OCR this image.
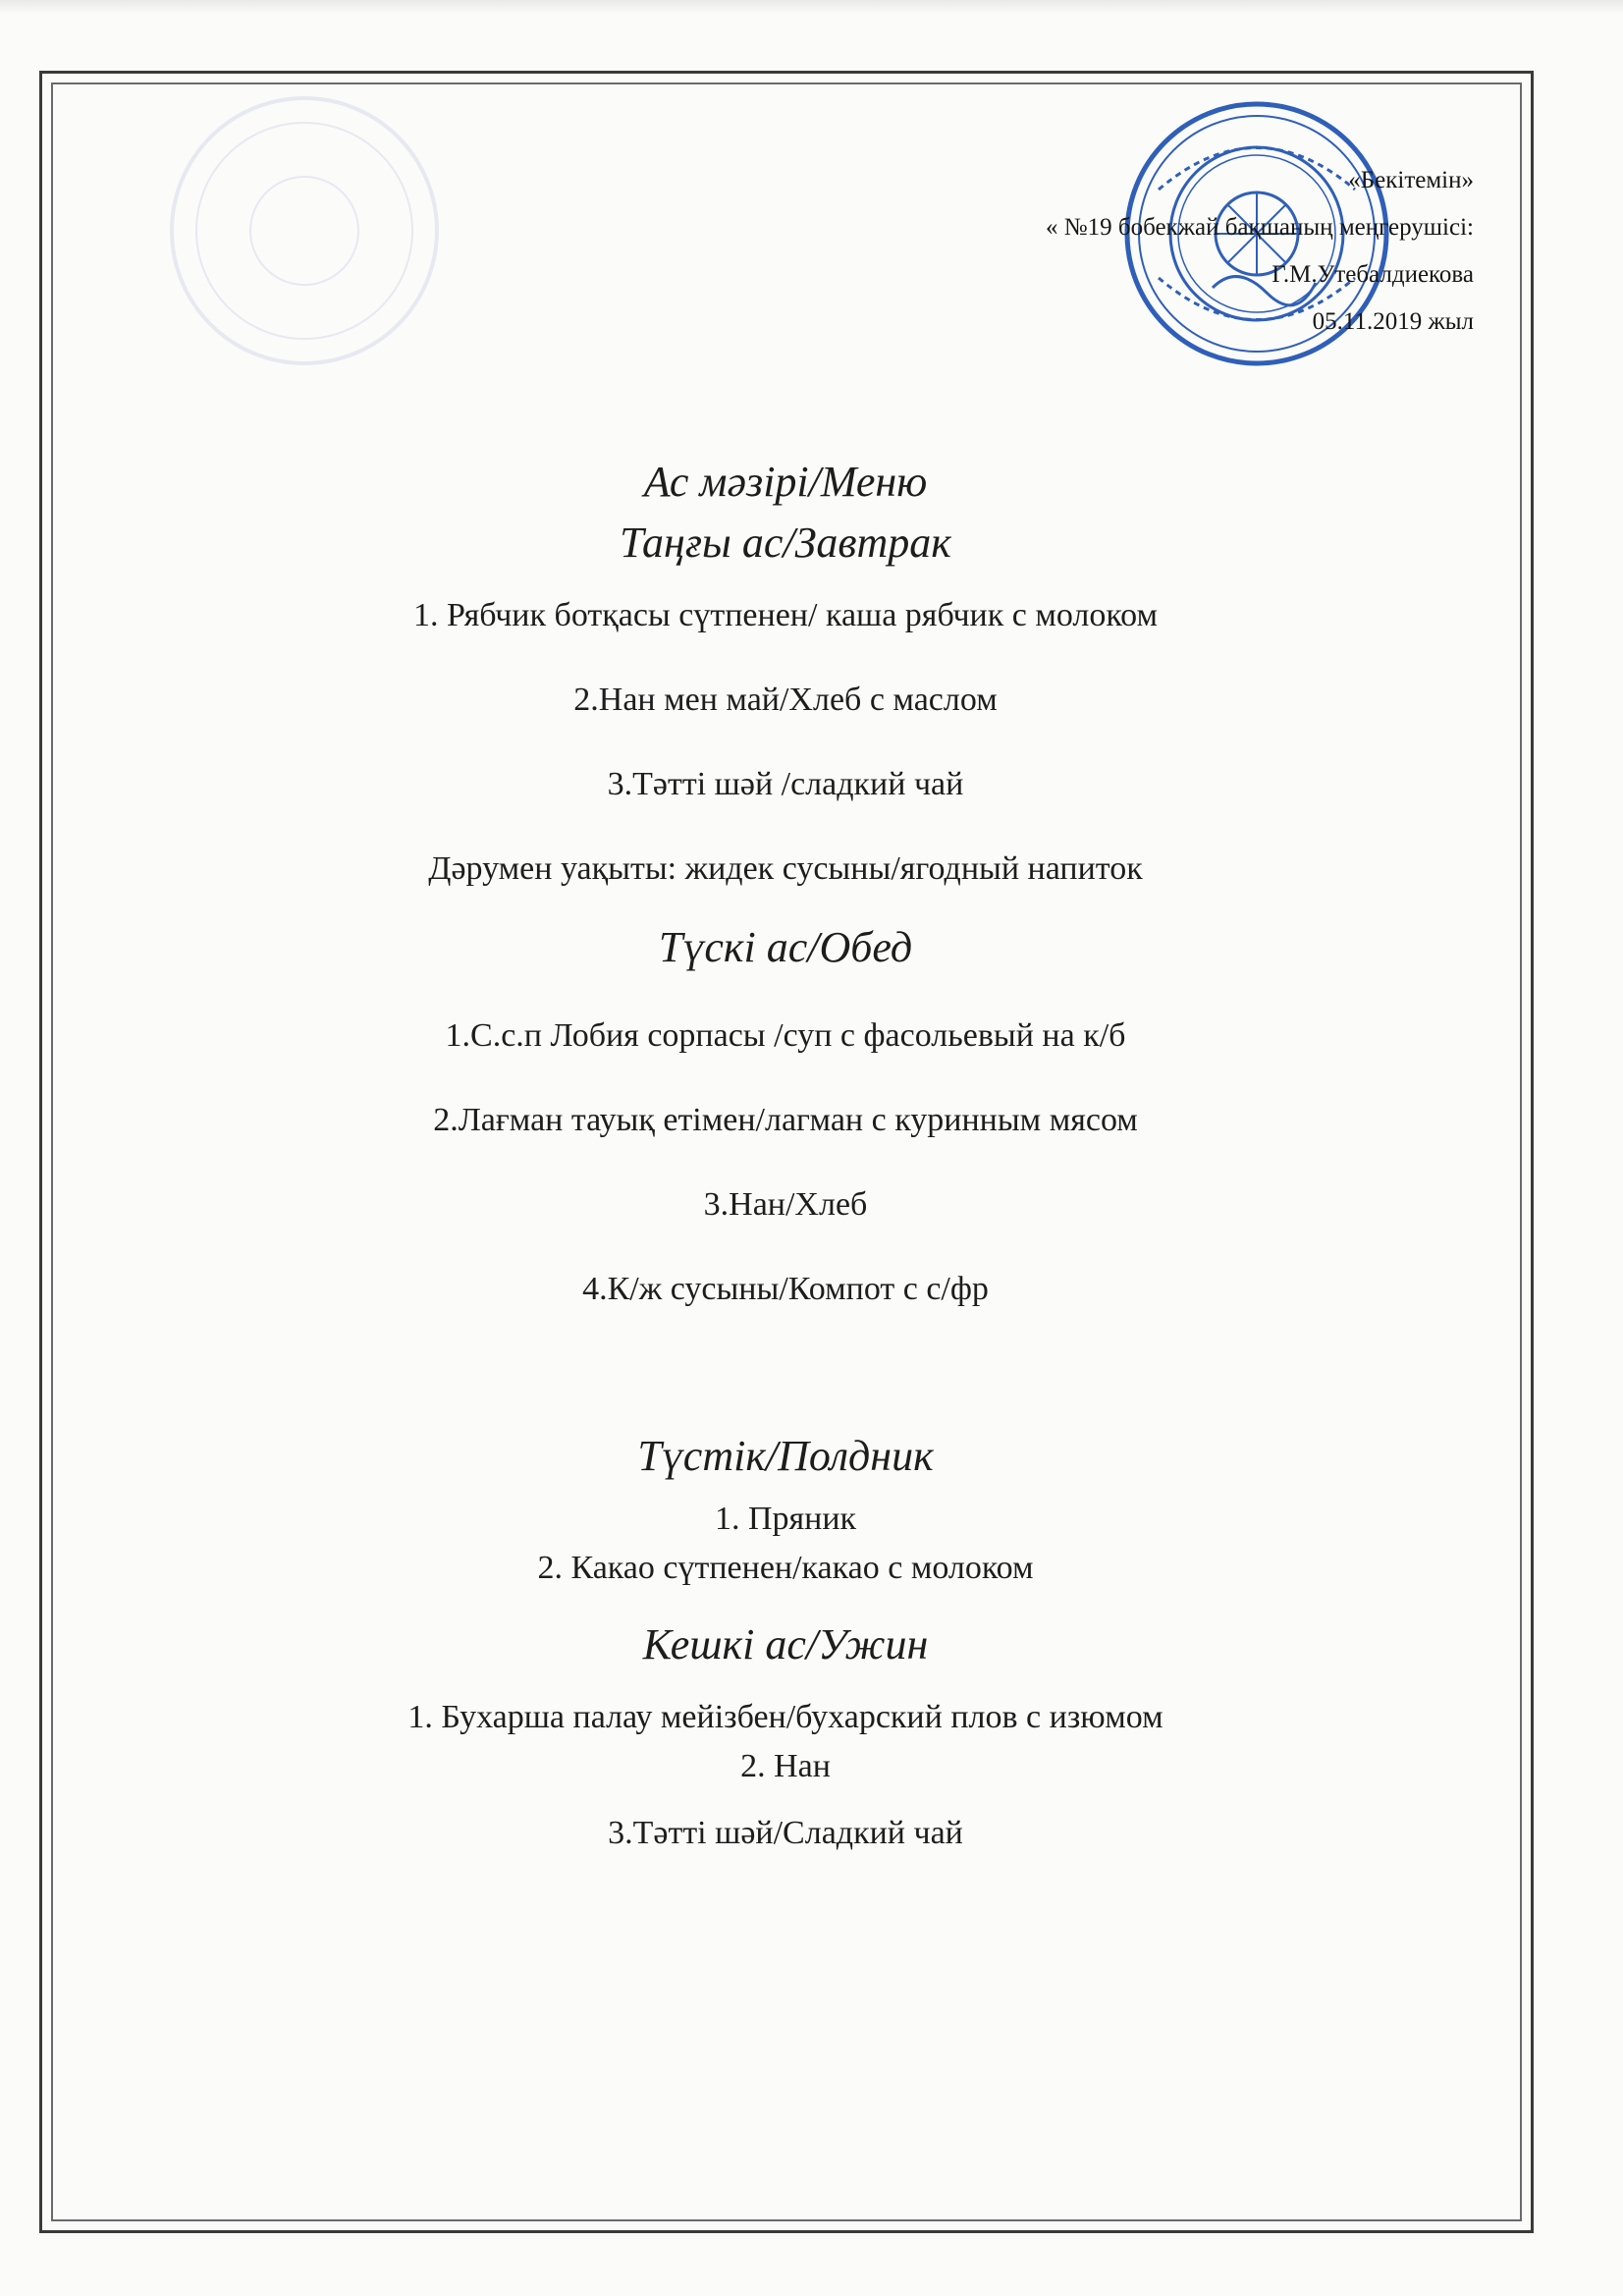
«Бекітемін»
« №19 бобекжай бақшаның меңгерушісі:
Г.М.Утебалдиекова
05.11.2019 жыл
Ас мәзірі/Меню
Таңғы ас/Завтрак
1. Рябчик ботқасы сүтпенен/ каша рябчик с молоком
2.Нан мен май/Хлеб с маслом
3.Тәтті шәй /сладкий чай
Дәрумен уақыты: жидек сусыны/ягодный напиток
Түскі ас/Обед
1.С.с.п Лобия сорпасы /суп с фасольевый на к/б
2.Лағман тауық етімен/лагман с куринным мясом
3.Нан/Хлеб
4.К/ж сусыны/Компот с с/фр
Түстік/Полдник
1. Пряник
2. Какао сүтпенен/какао с молоком
Кешкі ас/Ужин
1. Бухарша палау мейізбен/бухарский плов с изюмом
2. Нан
3.Тәтті шәй/Сладкий чай
